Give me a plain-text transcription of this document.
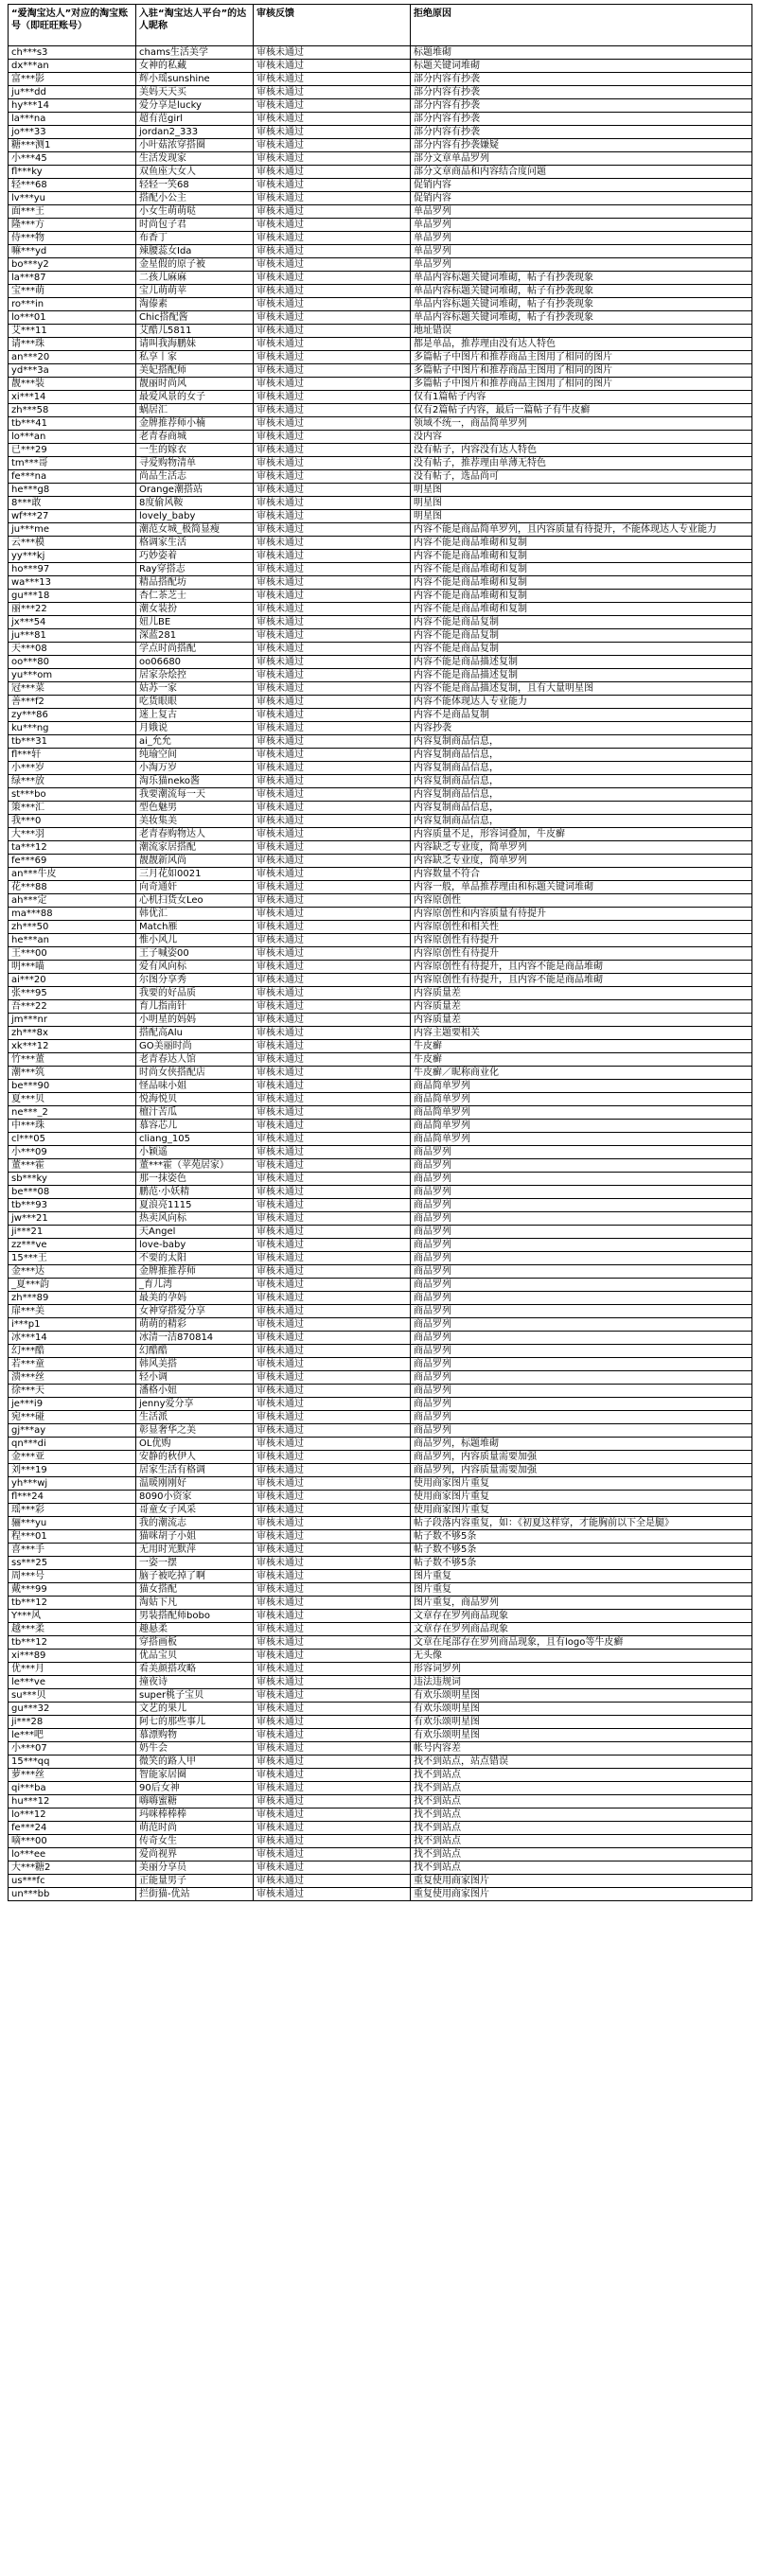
“爱淘宝达人”对应的淘宝账号（即旺旺账号）	入驻“淘宝达人平台”的达人昵称	审核反馈	拒绝原因
ch***s3	chams生活美学	审核未通过	标题堆砌
dx***an	女神的私藏	审核未通过	标题关键词堆砌
富***影	辉小瑶sunshine	审核未通过	部分内容有抄袭
ju***dd	美妈天天买	审核未通过	部分内容有抄袭
hy***14	爱分享是lucky	审核未通过	部分内容有抄袭
la***na	超有范girl	审核未通过	部分内容有抄袭
jo***33	jordan2_333	审核未通过	部分内容有抄袭
糖***测1	小叶菇浓穿搭圈	审核未通过	部分内容有抄袭嫌疑
小***45	生活发现家	审核未通过	部分文章单品罗列
fl***ky	双鱼座大女人	审核未通过	部分文章商品和内容结合度问题
轻***68	轻轻一笑68	审核未通过	促销内容
lv***yu	搭配小公主	审核未通过	促销内容
面***王	小女生萌萌哒	审核未通过	单品罗列
隆***方	时尚包子君	审核未通过	单品罗列
侍***物	布香丁	审核未通过	单品罗列
嘛***yd	辣腰蕊女Ida	审核未通过	单品罗列
bo***y2	金星假的原子被	审核未通过	单品罗列
la***87	二孩儿麻麻	审核未通过	单品内容标题关键词堆砌，帖子有抄袭现象
宝***萌	宝儿萌萌苹	审核未通过	单品内容标题关键词堆砌，帖子有抄袭现象
ro***in	淘傣素	审核未通过	单品内容标题关键词堆砌，帖子有抄袭现象
lo***01	Chic搭配酱	审核未通过	单品内容标题关键词堆砌，帖子有抄袭现象
艾***11	艾酷儿5811	审核未通过	地址错误
请***珠	请叫我海鹏妹	审核未通过	都是单品，推荐理由没有达人特色
an***20	私享丨家	审核未通过	多篇帖子中图片和推荐商品主图用了相同的图片
yd***3a	美妃搭配师	审核未通过	多篇帖子中图片和推荐商品主图用了相同的图片
靓***装	靓丽时尚风	审核未通过	多篇帖子中图片和推荐商品主图用了相同的图片
xi***14	最爱风景的女子	审核未通过	仅有1篇帖子内容
zh***58	蜗居汇	审核未通过	仅有2篇帖子内容，最后一篇帖子有牛皮癣
tb***41	金牌推荐师小楠	审核未通过	领域不统一，商品简单罗列
lo***an	老青春商城	审核未通过	没内容
已***29	一生的嫁衣	审核未通过	没有帖子，内容没有达人特色
tm***哥	寻爱购物清单	审核未通过	没有帖子，推荐理由单薄无特色
fe***na	尚品生活志	审核未通过	没有帖子，选品尚可
he***g8	Orange潮搭站	审核未通过	明星图
8***敢	8度偷风鞍	审核未通过	明星图
wf***27	lovely_baby	审核未通过	明星图
ju***me	潮范女城_极简显瘦	审核未通过	内容不能是商品简单罗列，且内容质量有待提升，不能体现达人专业能力
云***模	格调家生活	审核未通过	内容不能是商品堆砌和复制
yy***kj	巧妙姿着	审核未通过	内容不能是商品堆砌和复制
ho***97	Ray穿搭志	审核未通过	内容不能是商品堆砌和复制
wa***13	精品搭配坊	审核未通过	内容不能是商品堆砌和复制
gu***18	杏仁茶芝士	审核未通过	内容不能是商品堆砌和复制
丽***22	潮女装扮	审核未通过	内容不能是商品堆砌和复制
jx***54	妞儿BE	审核未通过	内容不能是商品复制
ju***81	深蓝281	审核未通过	内容不能是商品复制
天***08	学点时尚搭配	审核未通过	内容不能是商品复制
oo***80	oo06680	审核未通过	内容不能是商品描述复制
yu***om	居家杂烩控	审核未通过	内容不能是商品描述复制
冠***菜	姑苏一家	审核未通过	内容不能是商品描述复制，且有大量明星图
善***f2	吃货眼眼	审核未通过	内容不能体现达人专业能力
zy***86	迷上复古	审核未通过	内容不是商品复制
ku***ng	月娥说	审核未通过	内容抄袭
tb***31	ai_允允	审核未通过	内容复制商品信息，
fl***轩	纯瑜空间	审核未通过	内容复制商品信息，
小***岁	小淘万岁	审核未通过	内容复制商品信息，
绿***放	淘乐猫neko酱	审核未通过	内容复制商品信息，
st***bo	我要潮流每一天	审核未通过	内容复制商品信息，
策***汇	型色魅男	审核未通过	内容复制商品信息，
我***0	美妆集美	审核未通过	内容复制商品信息，
大***羽	老青春购物达人	审核未通过	内容质量不足，形容词叠加，牛皮癣
ta***12	潮流家居搭配	审核未通过	内容缺乏专业度，简单罗列
fe***69	靓靓新风尚	审核未通过	内容缺乏专业度，简单罗列
an***牛皮	三月花如0021	审核未通过	内容数量不符合
花***88	向奇通奸	审核未通过	内容一般，单品推荐理由和标题关键词堆砌
ah***定	心机扫货女Leo	审核未通过	内容原创性
ma***88	韩优汇	审核未通过	内容原创性和内容质量有待提升
zh***50	Match雁	审核未通过	内容原创性和相关性
he***an	惟小风儿	审核未通过	内容原创性有待提升
王***00	王子喊姿00	审核未通过	内容原创性有待提升
明***喵	爱有风向标	审核未通过	内容原创性有待提升，且内容不能是商品堆砌
ai***20	尔图分享秀	审核未通过	内容原创性有待提升，且内容不能是商品堆砌
张***95	我要的好品质	审核未通过	内容质量差
吾***22	育儿指南针	审核未通过	内容质量差
jm***nr	小明星的妈妈	审核未通过	内容质量差
zh***8x	搭配高Alu	审核未通过	内容主题要相关
xk***12	GO美丽时尚	审核未通过	牛皮癣
竹***董	老青春达人馆	审核未通过	牛皮癣
潮***筑	时尚女侠搭配店	审核未通过	牛皮癣／昵称商业化
be***90	怪品味小姐	审核未通过	商品简单罗列
夏***贝	悦海悦贝	审核未通过	商品简单罗列
ne***_2	檀汁苦瓜	审核未通过	商品简单罗列
中***珠	慕容芯儿	审核未通过	商品简单罗列
cl***05	cliang_105	审核未通过	商品简单罗列
小***09	小颖遥	审核未通过	商品罗列
董***霍	董***霍（苹苑居家）	审核未通过	商品罗列
sb***ky	那一抹姿色	审核未通过	商品罗列
be***08	鹏范·小妖精	审核未通过	商品罗列
tb***93	夏浪亮1115	审核未通过	商品罗列
jw***21	热卖风向标	审核未通过	商品罗列
ji***21	天Angel	审核未通过	商品罗列
zz***ve	love-baby	审核未通过	商品罗列
15***王	不要的太阳	审核未通过	商品罗列
金***达	金牌推推荐师	审核未通过	商品罗列
_夏***韵	_育儿湾	审核未通过	商品罗列
zh***89	最美的孕妈	审核未通过	商品罗列
扉***美	女神穿搭爱分享	审核未通过	商品罗列
i***p1	萌萌的精彩	审核未通过	商品罗列
冰***14	冰清一洁870814	审核未通过	商品罗列
幻***酷	幻酷酷	审核未通过	商品罗列
若***童	韩风美搭	审核未通过	商品罗列
溃***丝	轻小调	审核未通过	商品罗列
徐***天	潘格小妞	审核未通过	商品罗列
je***i9	jenny爱分享	审核未通过	商品罗列
宛***碰	生活派	审核未通过	商品罗列
gj***ay	彰显奢华之美	审核未通过	商品罗列
qn***di	OL优购	审核未通过	商品罗列，标题堆砌
金***亚	安静的秋伊人	审核未通过	商品罗列，内容质量需要加强
刘***19	居家生活有格调	审核未通过	商品罗列，内容质量需要加强
yh***wj	温暖刚刚好	审核未通过	使用商家图片重复
fl***24	8090小资家	审核未通过	使用商家图片重复
瑶***彩	哥童女子风采	审核未通过	使用商家图片重复
骊***yu	我的潮流志	审核未通过	帖子段落内容重复，如：《初夏这样穿，才能胸前以下全是腿》
程***01	猫咪胡子小姐	审核未通过	帖子数不够5条
喜***手	无用时光默萍	审核未通过	帖子数不够5条
ss***25	一姿一摆	审核未通过	帖子数不够5条
周***号	脑子被吃掉了啊	审核未通过	图片重复
戴***99	猫女搭配	审核未通过	图片重复
tb***12	淘姑下凡	审核未通过	图片重复，商品罗列
Y***风	男装搭配师bobo	审核未通过	文章存在罗列商品现象
越***柔	趣悬柔	审核未通过	文章存在罗列商品现象
tb***12	穿搭画板	审核未通过	文章在尾部存在罗列商品现象，且有logo等牛皮癣
xi***89	优品宝贝	审核未通过	无头像
优***月	看美颜搭攻略	审核未通过	形容词罗列
le***ve	撞夜诗	审核未通过	违法违规词
su***贝	super桃子宝贝	审核未通过	有欢乐颂明星图
gu***32	文艺的果儿	审核未通过	有欢乐颂明星图
ji***28	阿七的那些事儿	审核未通过	有欢乐颂明星图
le***吧	慕漂购物	审核未通过	有欢乐颂明星图
小***07	奶牛会	审核未通过	帐号内容差
15***qq	微笑的路人甲	审核未通过	找不到站点，站点错误
萝***丝	智能家居圈	审核未通过	找不到站点
qi***ba	90后女神	审核未通过	找不到站点
hu***12	嗨嗨蜜糖	审核未通过	找不到站点
lo***12	玛咪棒棒棒	审核未通过	找不到站点
fe***24	萌范时尚	审核未通过	找不到站点
嘀***00	传奇女生	审核未通过	找不到站点
lo***ee	爱尚视界	审核未通过	找不到站点
大***糖2	美丽分享员	审核未通过	找不到站点
us***fc	正能量男子	审核未通过	重复使用商家图片
un***bb	拦街猫-优站	审核未通过	重复使用商家图片
